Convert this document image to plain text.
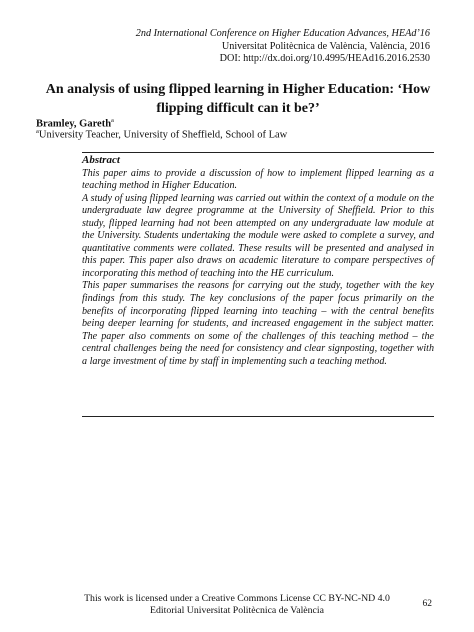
2nd International Conference on Higher Education Advances, HEAd’16
Universitat Politècnica de València, València, 2016
DOI: http://dx.doi.org/10.4995/HEAd16.2016.2530
An analysis of using flipped learning in Higher Education: ‘How flipping difficult can it be?’
Bramley, Gareth$^a$
$^a$University Teacher, University of Sheffield, School of Law
Abstract

This paper aims to provide a discussion of how to implement flipped learning as a teaching method in Higher Education.

A study of using flipped learning was carried out within the context of a module on the undergraduate law degree programme at the University of Sheffield. Prior to this study, flipped learning had not been attempted on any undergraduate law module at the University. Students undertaking the module were asked to complete a survey, and quantitative comments were collated. These results will be presented and analysed in this paper. This paper also draws on academic literature to compare perspectives of incorporating this method of teaching into the HE curriculum.

This paper summarises the reasons for carrying out the study, together with the key findings from this study. The key conclusions of the paper focus primarily on the benefits of incorporating flipped learning into teaching – with the central benefits being deeper learning for students, and increased engagement in the subject matter. The paper also comments on some of the challenges of this teaching method – the central challenges being the need for consistency and clear signposting, together with a large investment of time by staff in implementing such a teaching method.

This work is licensed under a Creative Commons License CC BY-NC-ND 4.0
Editorial Universitat Politècnica de València
62
